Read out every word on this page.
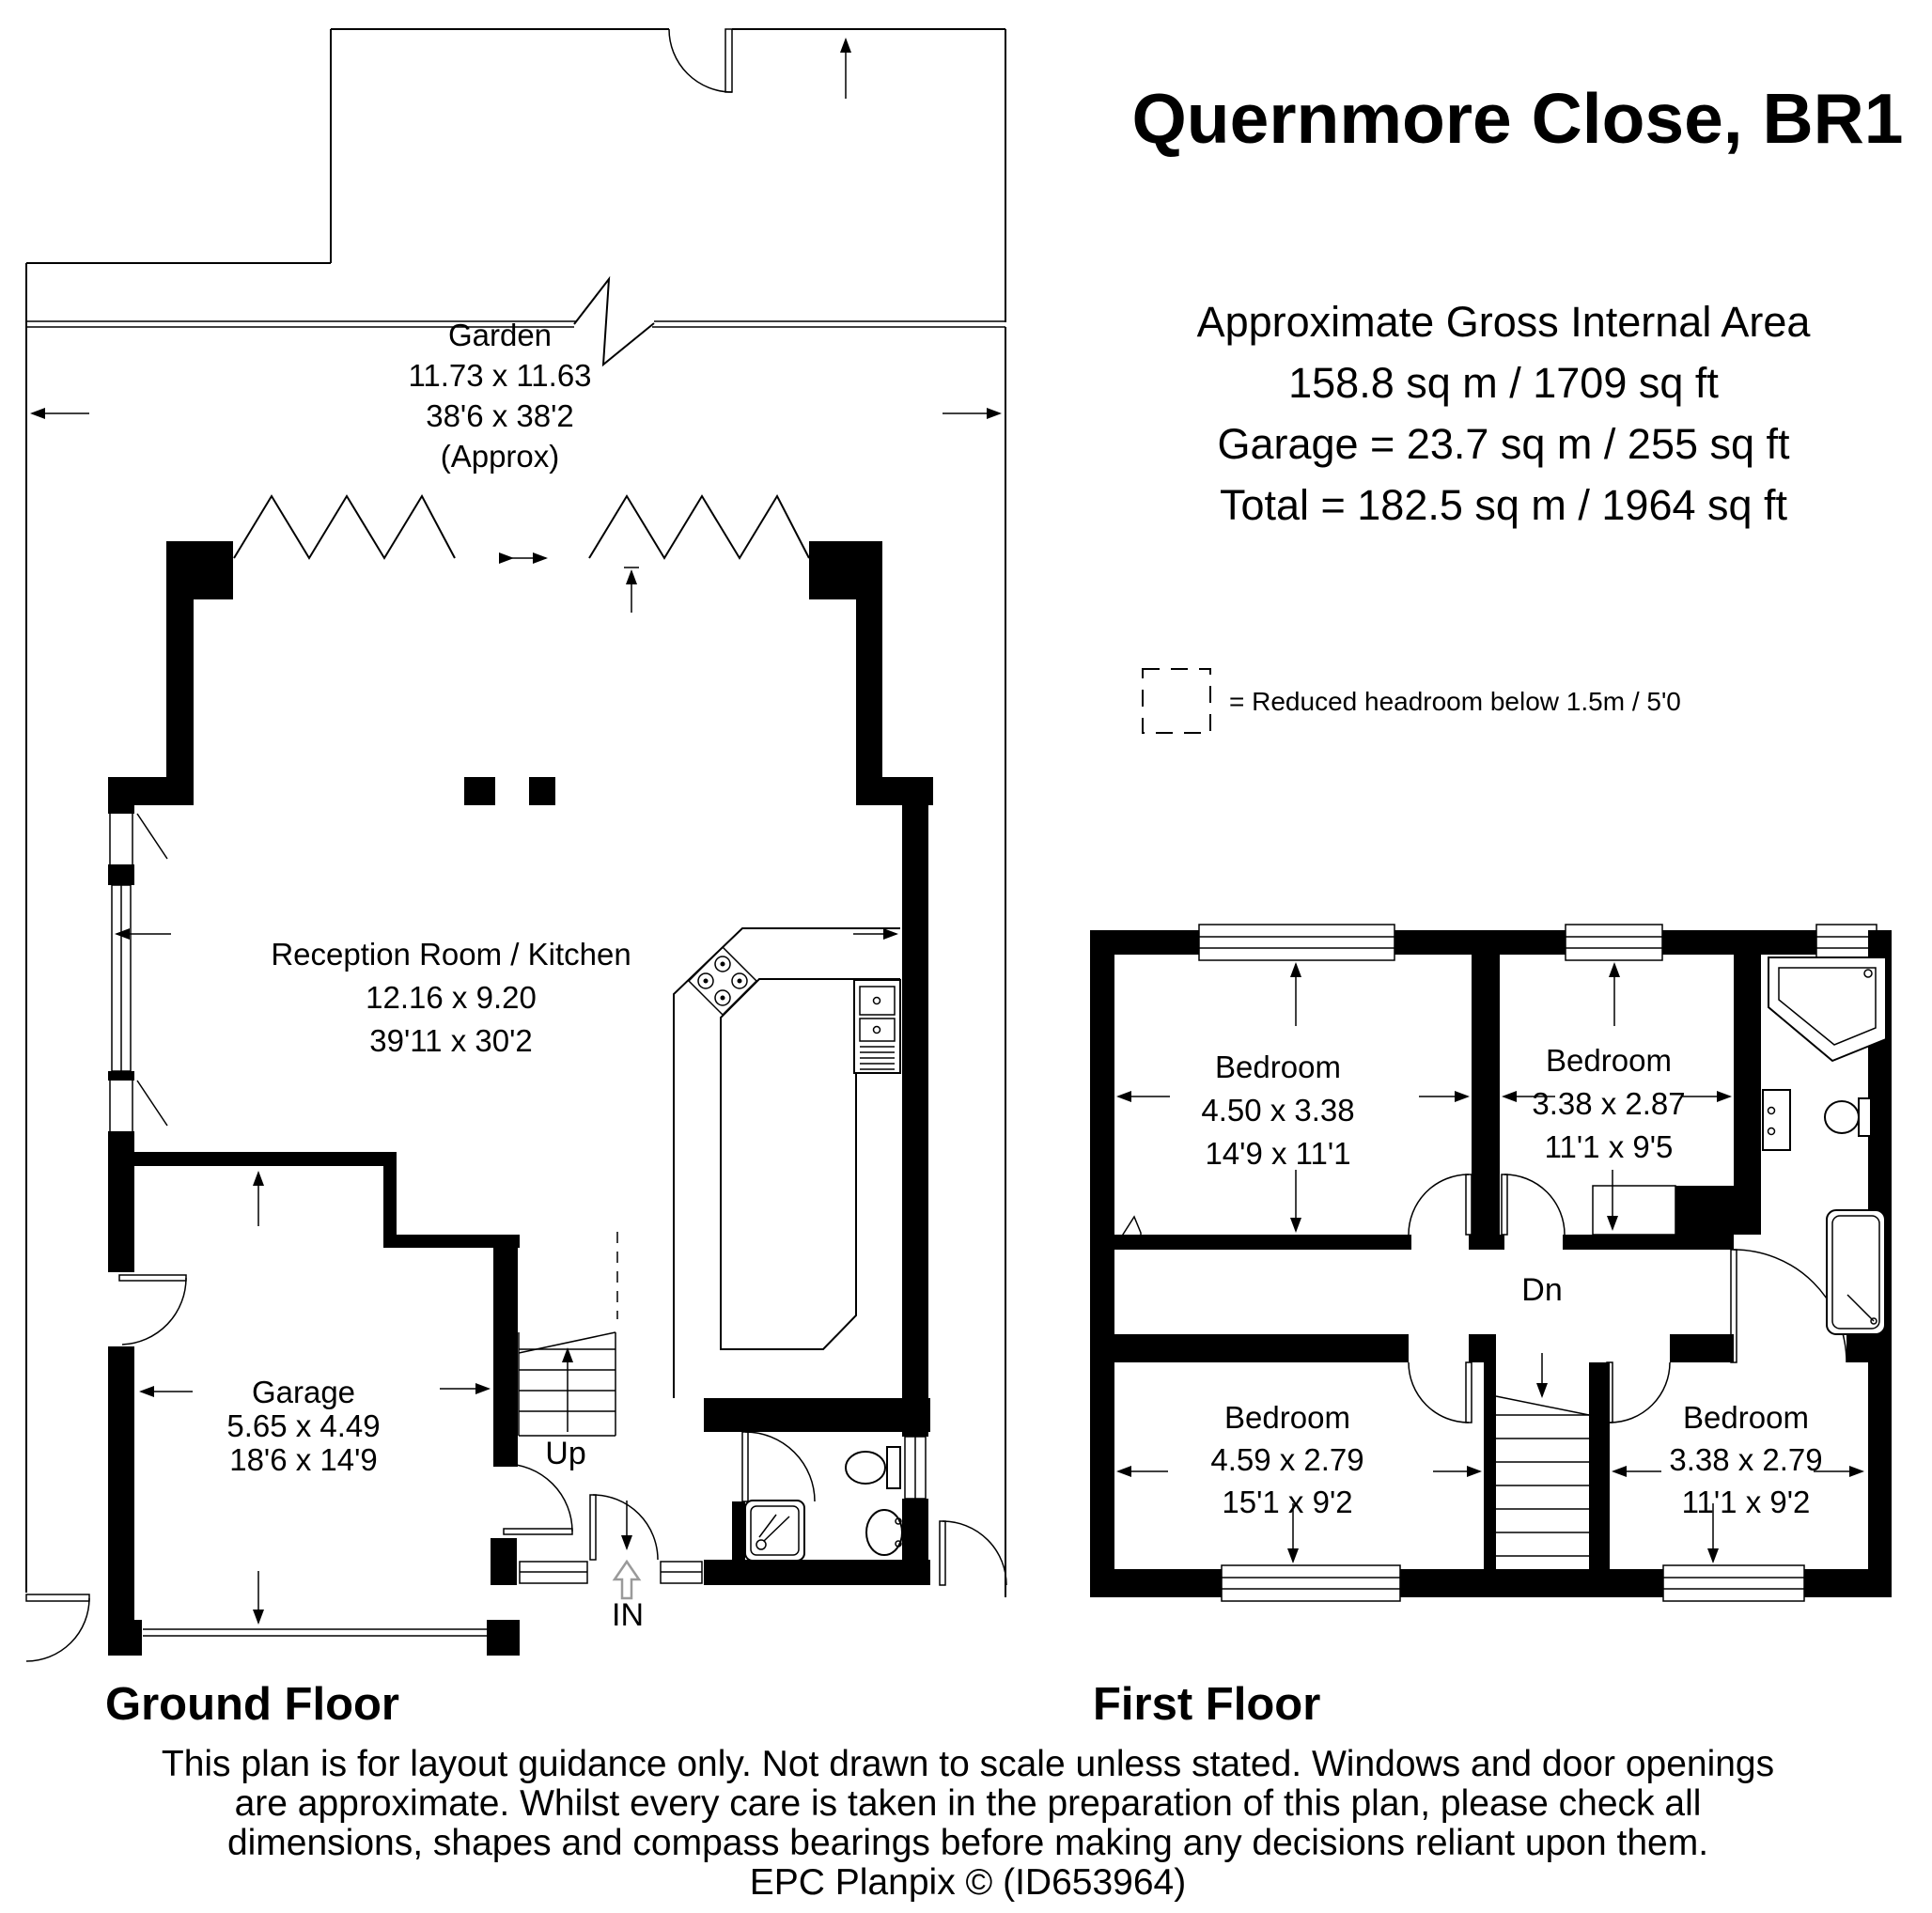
= Reduced headroom below 1.5m / 5'0
Quernmore Close, BR1
Approximate Gross Internal Area
158.8 sq m / 1709 sq ft
Garage = 23.7 sq m / 255 sq ft
Total = 182.5 sq m / 1964 sq ft
Garden
11.73 x 11.63
38'6 x 38'2
(Approx)
Reception Room / Kitchen
12.16 x 9.20
39'11 x 30'2
Garage
5.65 x 4.49
18'6 x 14'9	Up
IN
Dn
Bedroom
4.50 x 3.38
14'9 x 11'1
Bedroom
3.38 x 2.87
11'1 x 9'5
Bedroom
4.59 x 2.79
15'1 x 9'2
Bedroom
3.38 x 2.79
11'1 x 9'2
Ground Floor	First Floor
This plan is for layout guidance only. Not drawn to scale unless stated. Windows and door openings
are approximate. Whilst every care is taken in the preparation of this plan, please check all
dimensions, shapes and compass bearings before making any decisions reliant upon them.
EPC Planpix © (ID653964)
